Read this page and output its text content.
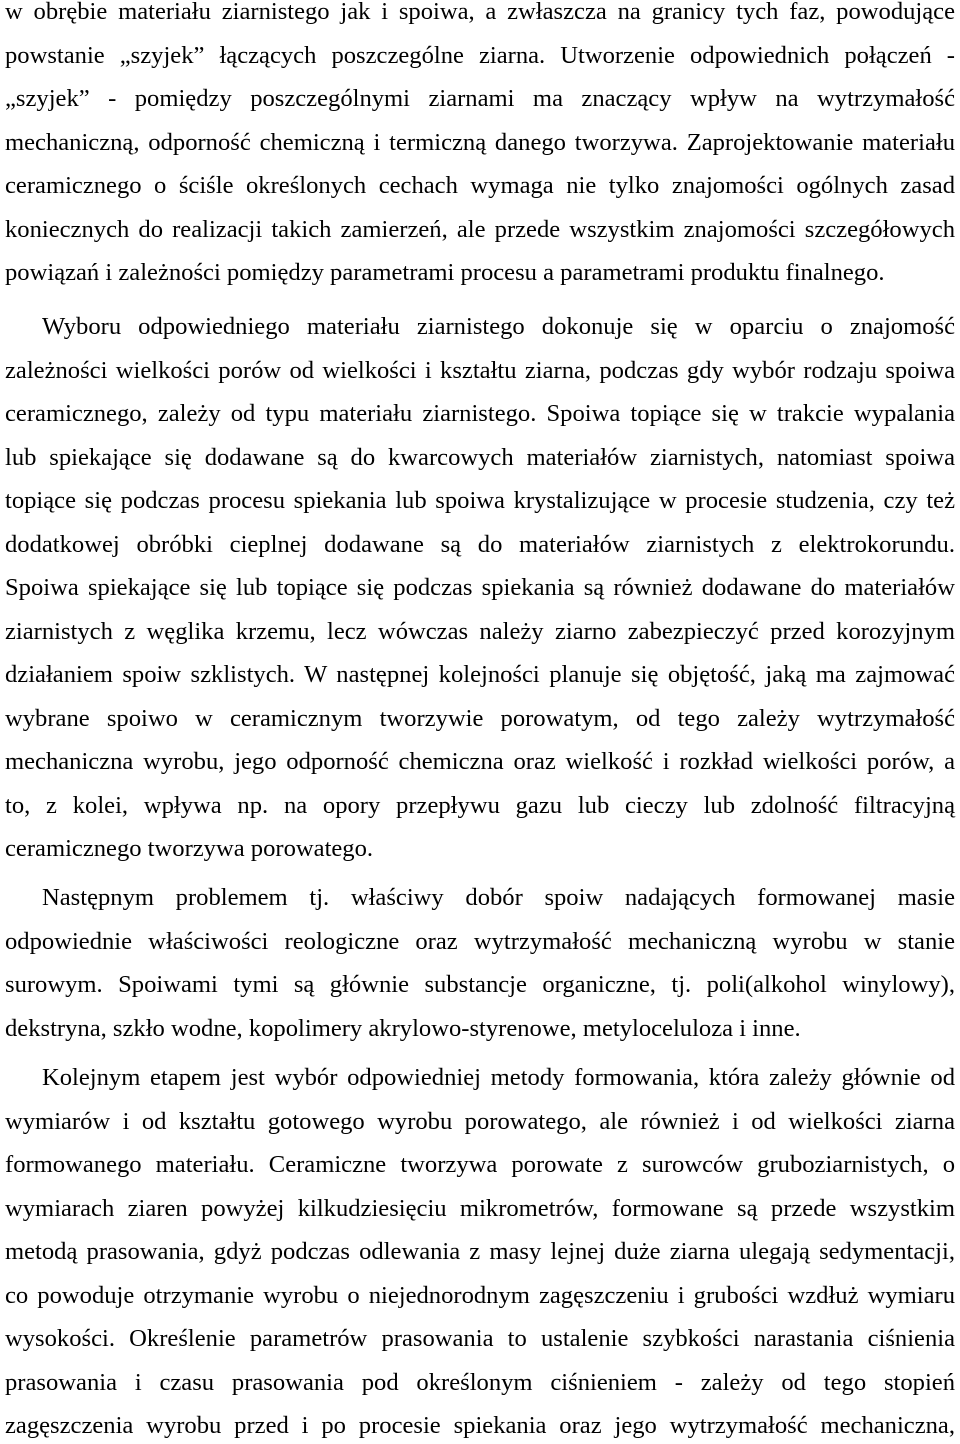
w obrębie materiału ziarnistego jak i spoiwa, a zwłaszcza na granicy tych faz, powodujące
powstanie „szyjek” łączących poszczególne ziarna. Utworzenie odpowiednich połączeń -
„szyjek” - pomiędzy poszczególnymi ziarnami ma znaczący wpływ na wytrzymałość
mechaniczną, odporność chemiczną i termiczną danego tworzywa. Zaprojektowanie materiału
ceramicznego o ściśle określonych cechach wymaga nie tylko znajomości ogólnych zasad
koniecznych do realizacji takich zamierzeń, ale przede wszystkim znajomości szczegółowych
powiązań i zależności pomiędzy parametrami procesu a parametrami produktu finalnego.
Wyboru odpowiedniego materiału ziarnistego dokonuje się w oparciu o znajomość
zależności wielkości porów od wielkości i kształtu ziarna, podczas gdy wybór rodzaju spoiwa
ceramicznego, zależy od typu materiału ziarnistego. Spoiwa topiące się w trakcie wypalania
lub spiekające się dodawane są do kwarcowych materiałów ziarnistych, natomiast spoiwa
topiące się podczas procesu spiekania lub spoiwa krystalizujące w procesie studzenia, czy też
dodatkowej obróbki cieplnej dodawane są do materiałów ziarnistych z elektrokorundu.
Spoiwa spiekające się lub topiące się podczas spiekania są również dodawane do materiałów
ziarnistych z węglika krzemu, lecz wówczas należy ziarno zabezpieczyć przed korozyjnym
działaniem spoiw szklistych. W następnej kolejności planuje się objętość, jaką ma zajmować
wybrane spoiwo w ceramicznym tworzywie porowatym, od tego zależy wytrzymałość
mechaniczna wyrobu, jego odporność chemiczna oraz wielkość i rozkład wielkości porów, a
to, z kolei, wpływa np. na opory przepływu gazu lub cieczy lub zdolność filtracyjną
ceramicznego tworzywa porowatego.
Następnym problemem tj. właściwy dobór spoiw nadających formowanej masie
odpowiednie właściwości reologiczne oraz wytrzymałość mechaniczną wyrobu w stanie
surowym. Spoiwami tymi są głównie substancje organiczne, tj. poli(alkohol winylowy),
dekstryna, szkło wodne, kopolimery akrylowo-styrenowe, metyloceluloza i inne.
Kolejnym etapem jest wybór odpowiedniej metody formowania, która zależy głównie od
wymiarów i od kształtu gotowego wyrobu porowatego, ale również i od wielkości ziarna
formowanego materiału. Ceramiczne tworzywa porowate z surowców gruboziarnistych, o
wymiarach ziaren powyżej kilkudziesięciu mikrometrów, formowane są przede wszystkim
metodą prasowania, gdyż podczas odlewania z masy lejnej duże ziarna ulegają sedymentacji,
co powoduje otrzymanie wyrobu o niejednorodnym zagęszczeniu i grubości wzdłuż wymiaru
wysokości. Określenie parametrów prasowania to ustalenie szybkości narastania ciśnienia
prasowania i czasu prasowania pod określonym ciśnieniem - zależy od tego stopień
zagęszczenia wyrobu przed i po procesie spiekania oraz jego wytrzymałość mechaniczna,
